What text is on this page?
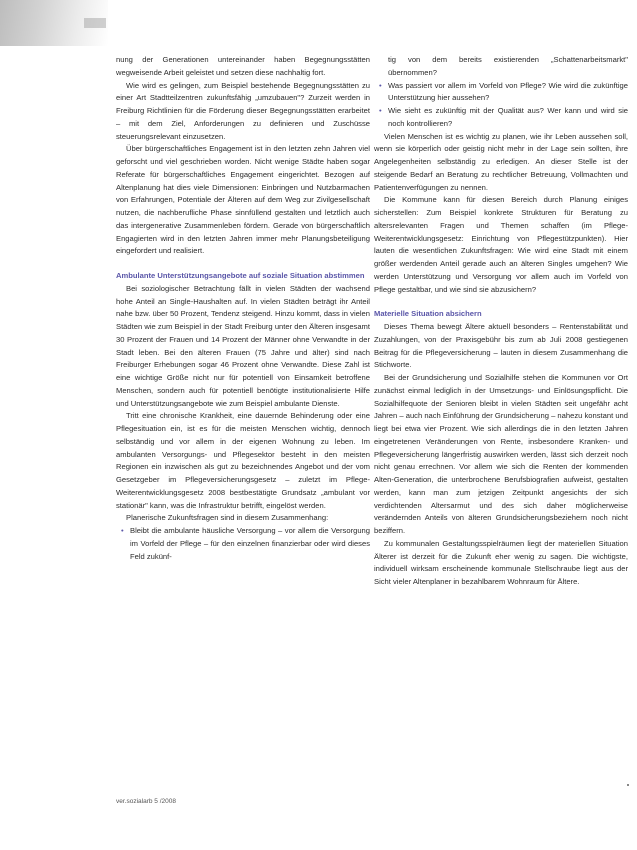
nung der Generationen untereinander haben Begegnungsstätten wegweisende Arbeit geleistet und setzen diese nachhaltig fort.

Wie wird es gelingen, zum Beispiel bestehende Begegnungsstätten zu einer Art Stadtteilzentren zukunftsfähig „umzubauen"? Zurzeit werden in Freiburg Richtlinien für die Förderung dieser Begegnungsstätten erarbeitet – mit dem Ziel, Anforderungen zu definieren und Zuschüsse steuerungsrelevant einzusetzen.

Über bürgerschaftliches Engagement ist in den letzten zehn Jahren viel geforscht und viel geschrieben worden. Nicht wenige Städte haben sogar Referate für bürgerschaftliches Engagement eingerichtet. Bezogen auf Altenplanung hat dies viele Dimensionen: Einbringen und Nutzbarmachen von Erfahrungen, Potentiale der Älteren auf dem Weg zur Zivilgesellschaft nutzen, die nachberufliche Phase sinnfüllend gestalten und letztlich auch das intergenerative Zusammenleben fördern. Gerade von bürgerschaftlich Engagierten wird in den letzten Jahren immer mehr Planungsbeteiligung eingefordert und realisiert.

Ambulante Unterstützungsangebote auf soziale Situation abstimmen

Bei soziologischer Betrachtung fällt in vielen Städten der wachsend hohe Anteil an Single-Haushalten auf. In vielen Städten beträgt ihr Anteil nahe bzw. über 50 Prozent, Tendenz steigend. Hinzu kommt, dass in vielen Städten wie zum Beispiel in der Stadt Freiburg unter den Älteren insgesamt 30 Prozent der Frauen und 14 Prozent der Männer ohne Verwandte in der Stadt leben. Bei den älteren Frauen (75 Jahre und älter) sind nach Freiburger Erhebungen sogar 46 Prozent ohne Verwandte. Diese Zahl ist eine wichtige Größe nicht nur für potentiell von Einsamkeit betroffene Menschen, sondern auch für potentiell benötigte institutionalisierte Hilfe und Unterstützungsangebote wie zum Beispiel ambulante Dienste.

Tritt eine chronische Krankheit, eine dauernde Behinderung oder eine Pflegesituation ein, ist es für die meisten Menschen wichtig, dennoch selbständig und vor allem in der eigenen Wohnung zu leben. Im ambulanten Versorgungs- und Pflegesektor besteht in den meisten Regionen ein inzwischen als gut zu bezeichnendes Angebot und der vom Gesetzgeber im Pflegeversicherungsgesetz – zuletzt im Pflege-Weiterentwicklungsgesetz 2008 bestbestätigte Grundsatz „ambulant vor stationär" kann, was die Infrastruktur betrifft, eingelöst werden.

Planerische Zukunftsfragen sind in diesem Zusammenhang:

• Bleibt die ambulante häusliche Versorgung – vor allem die Versorgung im Vorfeld der Pflege – für den einzelnen finanzierbar oder wird dieses Feld zukünf-
tig von dem bereits existierenden „Schattenarbeitsmarkt" übernommen?
• Was passiert vor allem im Vorfeld von Pflege? Wie wird die zukünftige Unterstützung hier aussehen?
• Wie sieht es zukünftig mit der Qualität aus? Wer kann und wird sie noch kontrollieren?

Vielen Menschen ist es wichtig zu planen, wie ihr Leben aussehen soll, wenn sie körperlich oder geistig nicht mehr in der Lage sein sollten, ihre Angelegenheiten selbständig zu erledigen. An dieser Stelle ist der steigende Bedarf an Beratung zu rechtlicher Betreuung, Vollmachten und Patientenverfügungen zu nennen.

Die Kommune kann für diesen Bereich durch Planung einiges sicherstellen: Zum Beispiel konkrete Strukturen für Beratung zu altersrelevanten Fragen und Themen schaffen (im Pflege-Weiterentwicklungsgesetz: Einrichtung von Pflegestützpunkten). Hier lauten die wesentlichen Zukunftsfragen: Wie wird eine Stadt mit einem größer werdenden Anteil gerade auch an älteren Singles umgehen? Wie werden Unterstützung und Versorgung vor allem auch im Vorfeld von Pflege gestaltbar, und wie sind sie abzusichern?

Materielle Situation absichern

Dieses Thema bewegt Ältere aktuell besonders – Rentenstabilität und Zuzahlungen, von der Praxisgebühr bis zum ab Juli 2008 gestiegenen Beitrag für die Pflegeversicherung – lauten in diesem Zusammenhang die Stichworte.

Bei der Grundsicherung und Sozialhilfe stehen die Kommunen vor Ort zunächst einmal lediglich in der Umsetzungs- und Einlösungspflicht. Die Sozialhilfequote der Senioren bleibt in vielen Städten seit ungefähr acht Jahren – auch nach Einführung der Grundsicherung – nahezu konstant und liegt bei etwa vier Prozent. Wie sich allerdings die in den letzten Jahren eingetretenen Veränderungen von Rente, insbesondere Kranken- und Pflegeversicherung längerfristig auswirken werden, lässt sich derzeit noch nicht genau errechnen. Vor allem wie sich die Renten der kommenden Alten-Generation, die unterbrochene Berufsbiografien aufweist, gestalten werden, kann man zum jetzigen Zeitpunkt angesichts der sich verdichtenden Altersarmut und des sich daher möglicherweise verändernden Anteils von älteren Grundsicherungsbeziehern noch nicht beziffern.

Zu kommunalen Gestaltungsspielräumen liegt der materiellen Situation Älterer ist derzeit für die Zukunft eher wenig zu sagen. Die wichtigste, individuell wirksam erscheinende kommunale Stellschraube liegt aus der Sicht vieler Altenplaner in bezahlbarem Wohnraum für Ältere.

ver.sozialarb 5 /2008
